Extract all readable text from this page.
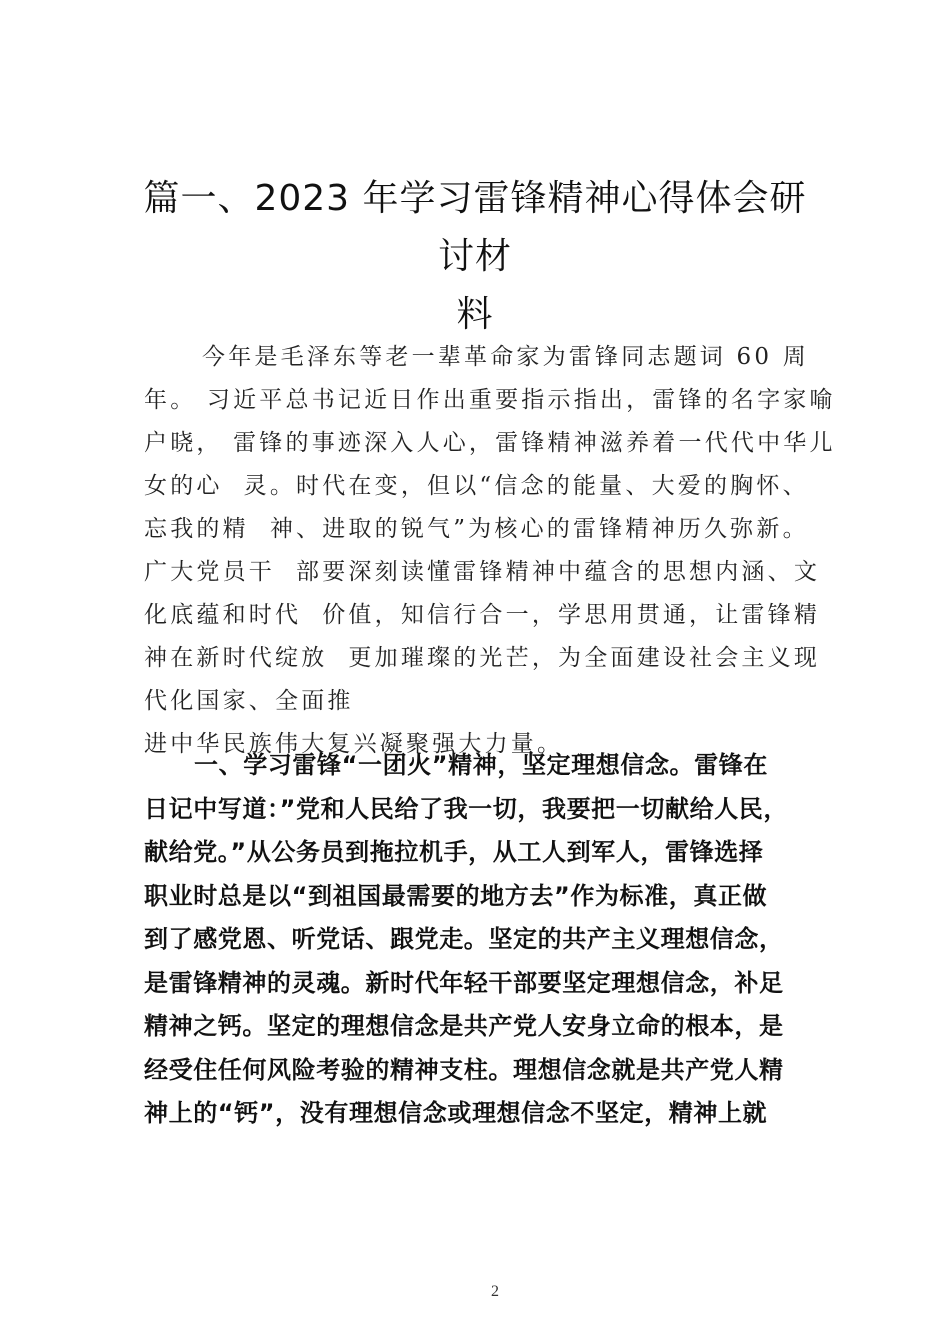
篇一、2023 年学习雷锋精神心得体会研讨材
料
今年是毛泽东等老一辈革命家为雷锋同志题词 60 周
年。 习近平总书记近日作出重要指示指出，雷锋的名字家喻
户晓， 雷锋的事迹深入人心，雷锋精神滋养着一代代中华儿
女的心  灵。时代在变，但以“信念的能量、大爱的胸怀、
忘我的精  神、进取的锐气”为核心的雷锋精神历久弥新。
广大党员干  部要深刻读懂雷锋精神中蕴含的思想内涵、文
化底蕴和时代  价值，知信行合一，学思用贯通，让雷锋精
神在新时代绽放  更加璀璨的光芒，为全面建设社会主义现
代化国家、全面推
进中华民族伟大复兴凝聚强大力量。
一、学习雷锋“一团火”精神，坚定理想信念。雷锋在
日记中写道：”党和人民给了我一切，我要把一切献给人民，
献给党。”从公务员到拖拉机手，从工人到军人，雷锋选择
职业时总是以“到祖国最需要的地方去”作为标准，真正做
到了感党恩、听党话、跟党走。坚定的共产主义理想信念，
是雷锋精神的灵魂。新时代年轻干部要坚定理想信念，补足
精神之钙。坚定的理想信念是共产党人安身立命的根本，是
经受住任何风险考验的精神支柱。理想信念就是共产党人精
神上的“钙”，没有理想信念或理想信念不坚定，精神上就
2
